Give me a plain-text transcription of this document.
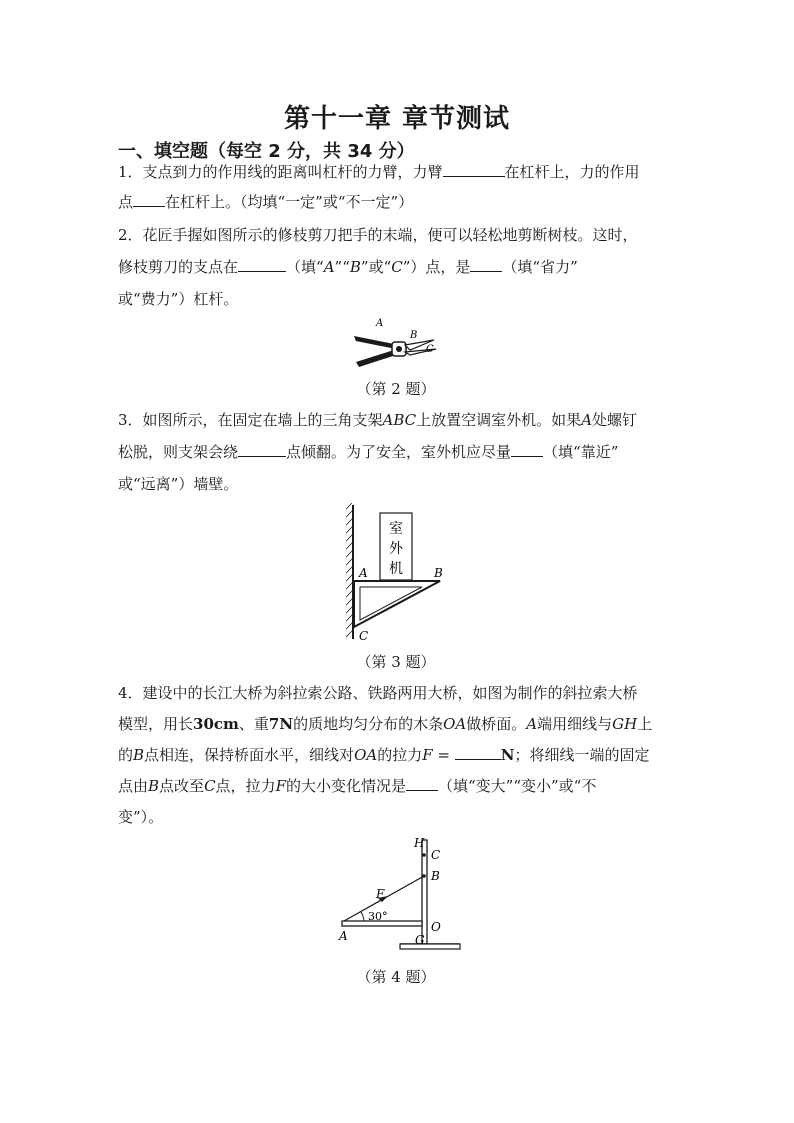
第十一章 章节测试
一、填空题（每空 2 分，共 34 分）
1．支点到力的作用线的距离叫杠杆的力臂，力臂	在杠杆上，力的作用
点 在杠杆上。（均填“一定”或“不一定”）
2．花匠手握如图所示的修枝剪刀把手的末端，便可以轻松地剪断树枝。这时，
修枝剪刀的支点在	（填“A”“B”或“C”）点，是 （填“省力”
或“费力”）杠杆。
A
B
C
（第 2 题）
3．如图所示，在固定在墙上的三角支架ABC上放置空调室外机。如果A处螺钉
松脱，则支架会绕	点倾翻。为了安全，室外机应尽量 （填“靠近”
或“远离”）墙壁。
室
外
机
A	B
C
（第 3 题）
4．建设中的长江大桥为斜拉索公路、铁路两用大桥，如图为制作的斜拉索大桥
模型，用长30cm、重7N的质地均匀分布的木条OA做桥面。A端用细线与GH上
的B点相连，保持桥面水平，细线对OA的拉力F =	N；将细线一端的固定
点由B点改至C点，拉力F的大小变化情况是 （填“变大”“变小”或“不
变”）。
H
C
B
F
30°
O
A	G
（第 4 题）
